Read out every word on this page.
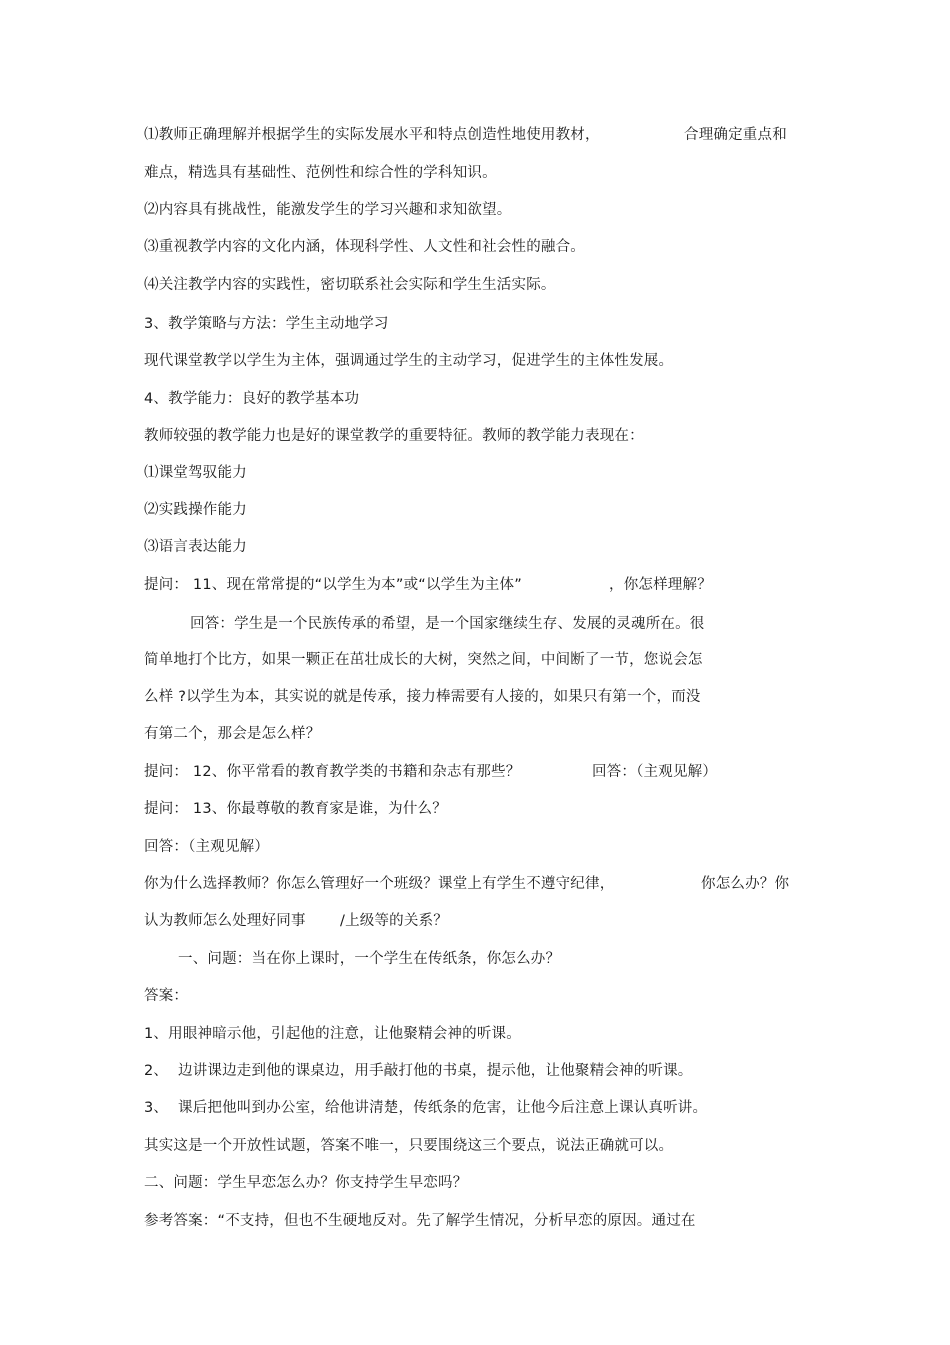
⑴教师正确理解并根据学生的实际发展水平和特点创造性地使用教材，	合理确定重点和
难点，精选具有基础性、范例性和综合性的学科知识。
⑵内容具有挑战性，能激发学生的学习兴趣和求知欲望。
⑶重视教学内容的文化内涵，体现科学性、人文性和社会性的融合。
⑷关注教学内容的实践性，密切联系社会实际和学生生活实际。
3、教学策略与方法：学生主动地学习
现代课堂教学以学生为主体，强调通过学生的主动学习，促进学生的主体性发展。
4、教学能力：良好的教学基本功
教师较强的教学能力也是好的课堂教学的重要特征。教师的教学能力表现在：
⑴课堂驾驭能力
⑵实践操作能力
⑶语言表达能力
提问： 11、现在常常提的“以学生为本”或“以学生为主体”	，你怎样理解？
回答：学生是一个民族传承的希望，是一个国家继续生存、发展的灵魂所在。很
简单地打个比方，如果一颗正在茁壮成长的大树，突然之间，中间断了一节，您说会怎
么样 ?以学生为本，其实说的就是传承，接力棒需要有人接的，如果只有第一个，而没
有第二个，那会是怎么样？
提问： 12、你平常看的教育教学类的书籍和杂志有那些？	回答：（主观见解）
提问： 13、你最尊敬的教育家是谁，为什么？
回答：（主观见解）
你为什么选择教师？你怎么管理好一个班级？课堂上有学生不遵守纪律，	你怎么办？你
认为教师怎么处理好同事 /上级等的关系？
一、问题：当在你上课时，一个学生在传纸条，你怎么办？
答案：
1、用眼神暗示他，引起他的注意，让他聚精会神的听课。
2、 边讲课边走到他的课桌边，用手敲打他的书桌，提示他，让他聚精会神的听课。
3、 课后把他叫到办公室，给他讲清楚，传纸条的危害，让他今后注意上课认真听讲。
其实这是一个开放性试题，答案不唯一，只要围绕这三个要点，说法正确就可以。
二、问题：学生早恋怎么办？你支持学生早恋吗？
参考答案：“不支持，但也不生硬地反对。先了解学生情况，分析早恋的原因。通过在
